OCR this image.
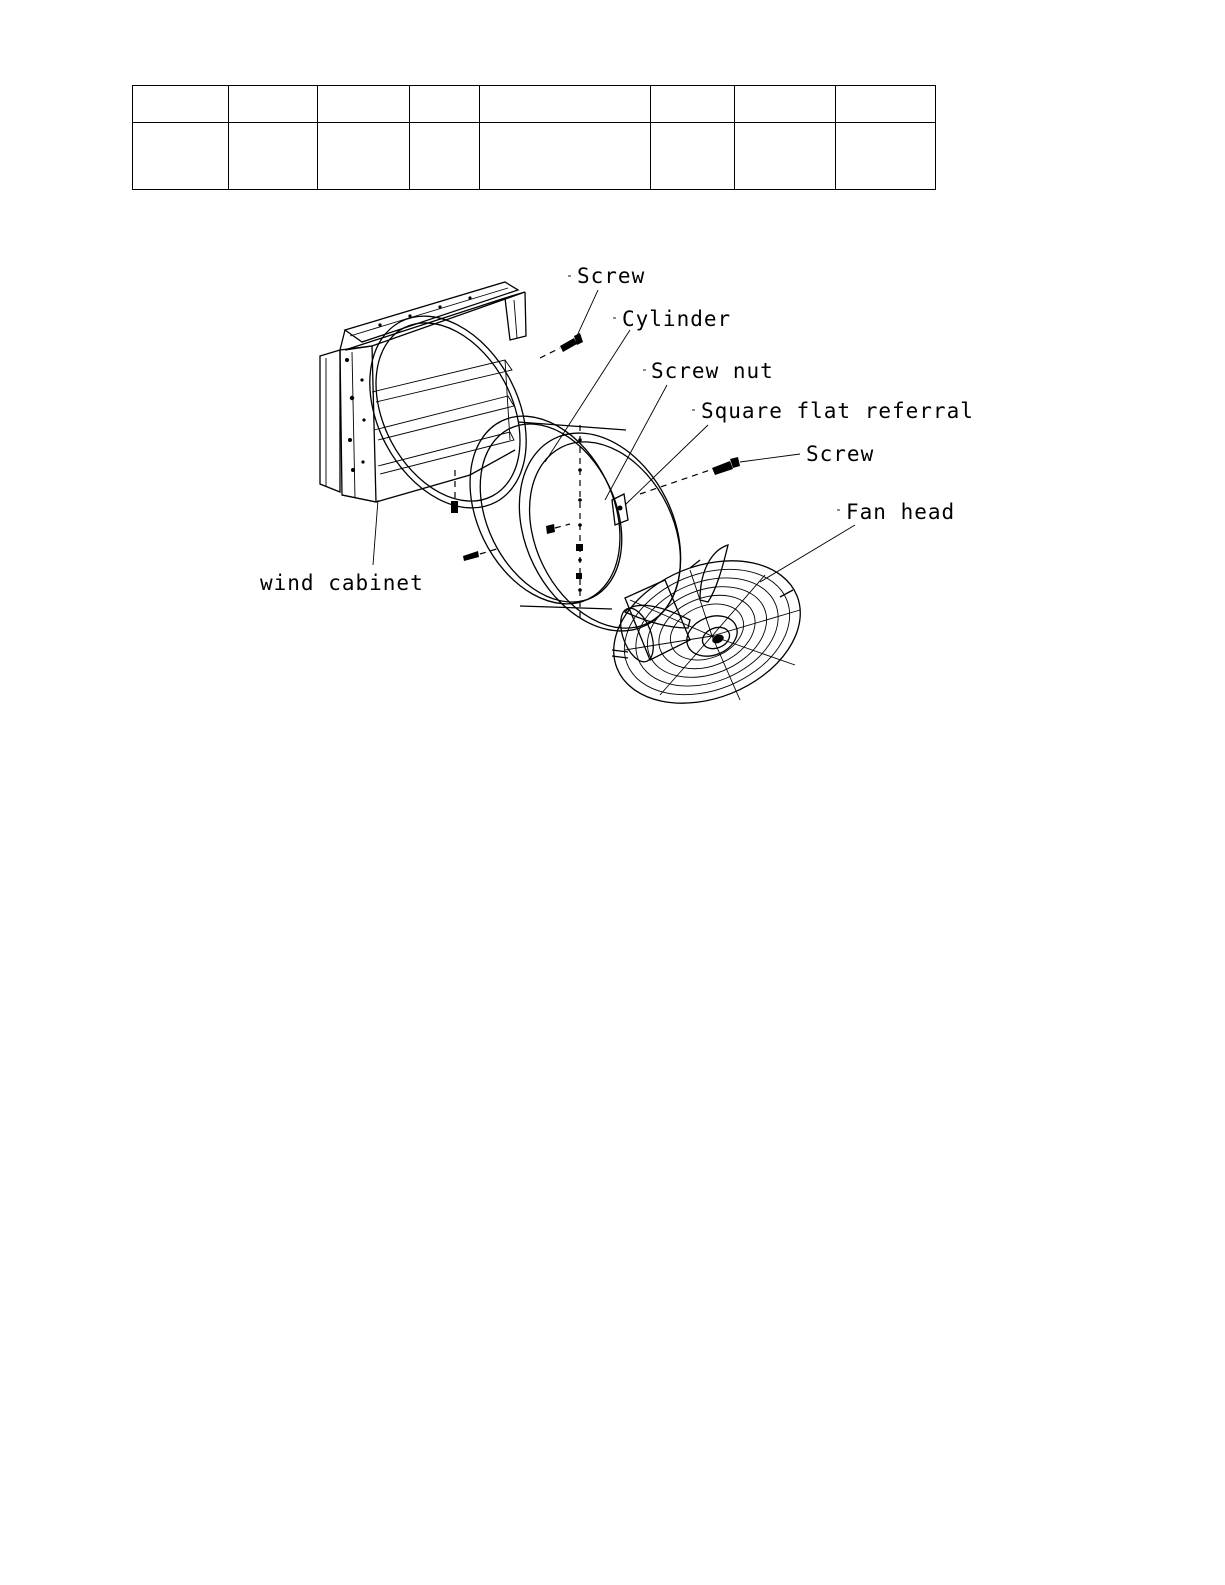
Screw
Cylinder
Screw nut
Square flat referral
Screw
Fan head
wind cabinet
